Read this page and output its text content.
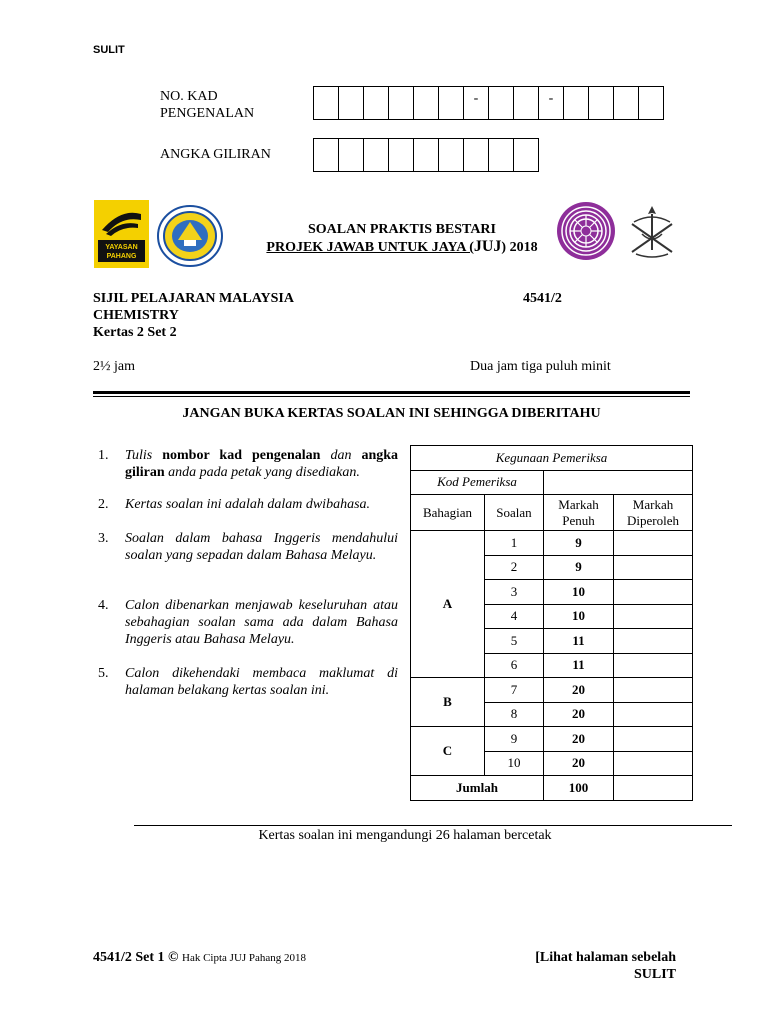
SULIT
NO. KAD
PENGENALAN
-	-
ANGKA GILIRAN
YAYASAN
PAHANG
SOALAN PRAKTIS BESTARI
PROJEK JAWAB UNTUK JAYA (JUJ) 2018
SIJIL PELAJARAN MALAYSIA	4541/2
CHEMISTRY
Kertas 2 Set 2
2½ jam	Dua jam tiga puluh minit
JANGAN BUKA KERTAS SOALAN INI SEHINGGA DIBERITAHU
1. Tulis nombor kad pengenalan dan angka giliran anda pada petak yang disediakan.
2. Kertas soalan ini adalah dalam dwibahasa.
3. Soalan dalam bahasa Inggeris mendahului soalan yang sepadan dalam Bahasa Melayu.
4. Calon dibenarkan menjawab keseluruhan atau sebahagian soalan sama ada dalam Bahasa Inggeris atau Bahasa Melayu.
5. Calon dikehendaki membaca maklumat di halaman belakang kertas soalan ini.
Kegunaan Pemeriksa			
Kod Pemeriksa			
Bahagian	Soalan	Markah Penuh	Markah Diperoleh
A	1	9	
	2	9	
	3	10	
	4	10	
	5	11	
	6	11	
B	7	20	
	8	20	
C	9	20	
	10	20	
Jumlah		100	
Kertas soalan ini mengandungi 26 halaman bercetak
4541/2 Set 1 © Hak Cipta JUJ Pahang 2018	[Lihat halaman sebelah
SULIT
